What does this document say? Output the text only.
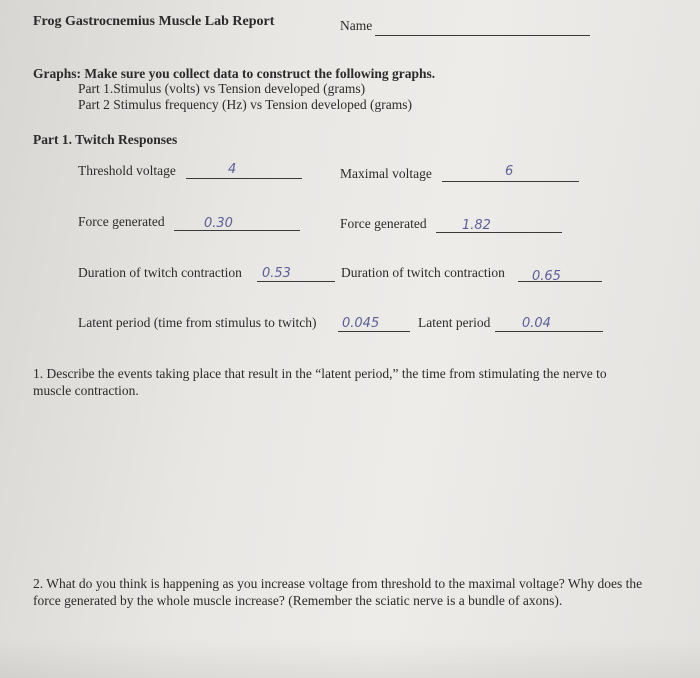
Frog Gastrocnemius Muscle Lab Report	Name
Graphs: Make sure you collect data to construct the following graphs.
Part 1.Stimulus (volts) vs Tension developed (grams)
Part 2 Stimulus frequency (Hz) vs Tension developed (grams)
Part 1. Twitch Responses
Threshold voltage	4	Maximal voltage	6
Force generated	0.30	Force generated	1.82
Duration of twitch contraction 0.53	Duration of twitch contraction 0.65
Latent period (time from stimulus to twitch) 0.045	Latent period 0.04
1. Describe the events taking place that result in the “latent period,” the time from stimulating the nerve to muscle contraction.
2. What do you think is happening as you increase voltage from threshold to the maximal voltage? Why does the force generated by the whole muscle increase? (Remember the sciatic nerve is a bundle of axons).
